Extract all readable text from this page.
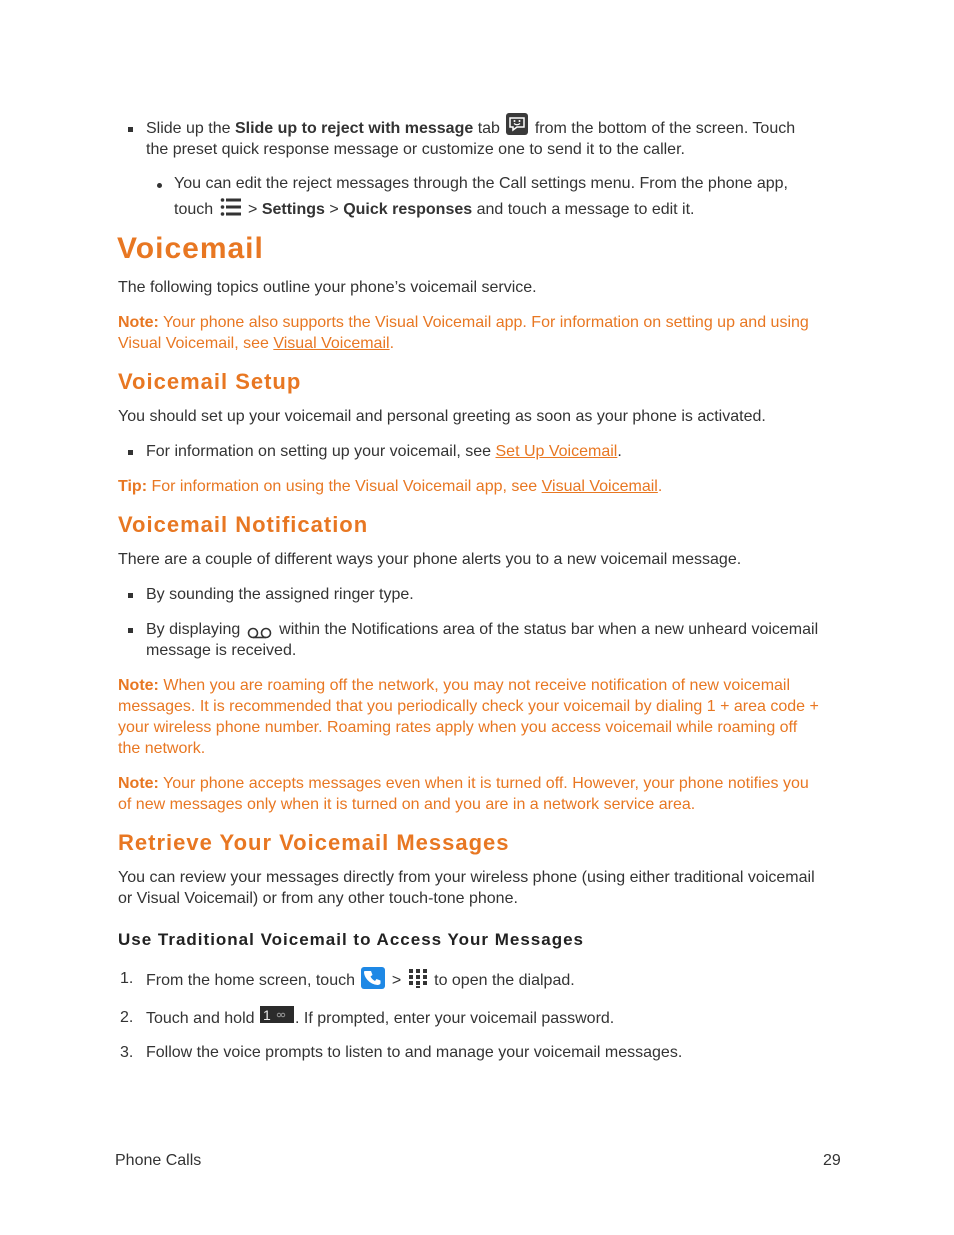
Slide up the Slide up to reject with message tab
from the bottom of the screen. Touch
the preset quick response message or customize one to send it to the caller.
You can edit the reject messages through the Call settings menu. From the phone app,
touch  > Settings > Quick responses and touch a message to edit it.
Voicemail
The following topics outline your phone’s voicemail service.
Note: Your phone also supports the Visual Voicemail app. For information on setting up and using
Visual Voicemail, see Visual Voicemail.
Voicemail Setup
You should set up your voicemail and personal greeting as soon as your phone is activated.
For information on setting up your voicemail, see Set Up Voicemail.
Tip: For information on using the Visual Voicemail app, see Visual Voicemail.
Voicemail Notification
There are a couple of different ways your phone alerts you to a new voicemail message.
By sounding the assigned ringer type.
By displaying  within the Notifications area of the status bar when a new unheard voicemail
message is received.
Note: When you are roaming off the network, you may not receive notification of new voicemail
messages. It is recommended that you periodically check your voicemail by dialing 1 + area code +
your wireless phone number. Roaming rates apply when you access voicemail while roaming off
the network.
Note: Your phone accepts messages even when it is turned off. However, your phone notifies you
of new messages only when it is turned on and you are in a network service area.
Retrieve Your Voicemail Messages
You can review your messages directly from your wireless phone (using either traditional voicemail
or Visual Voicemail) or from any other touch-tone phone.
Use Traditional Voicemail to Access Your Messages
1. From the home screen, touch  >  to open the dialpad.
2. Touch and hold 1 . If prompted, enter your voicemail password.
3. Follow the voice prompts to listen to and manage your voicemail messages.
Phone Calls	29
